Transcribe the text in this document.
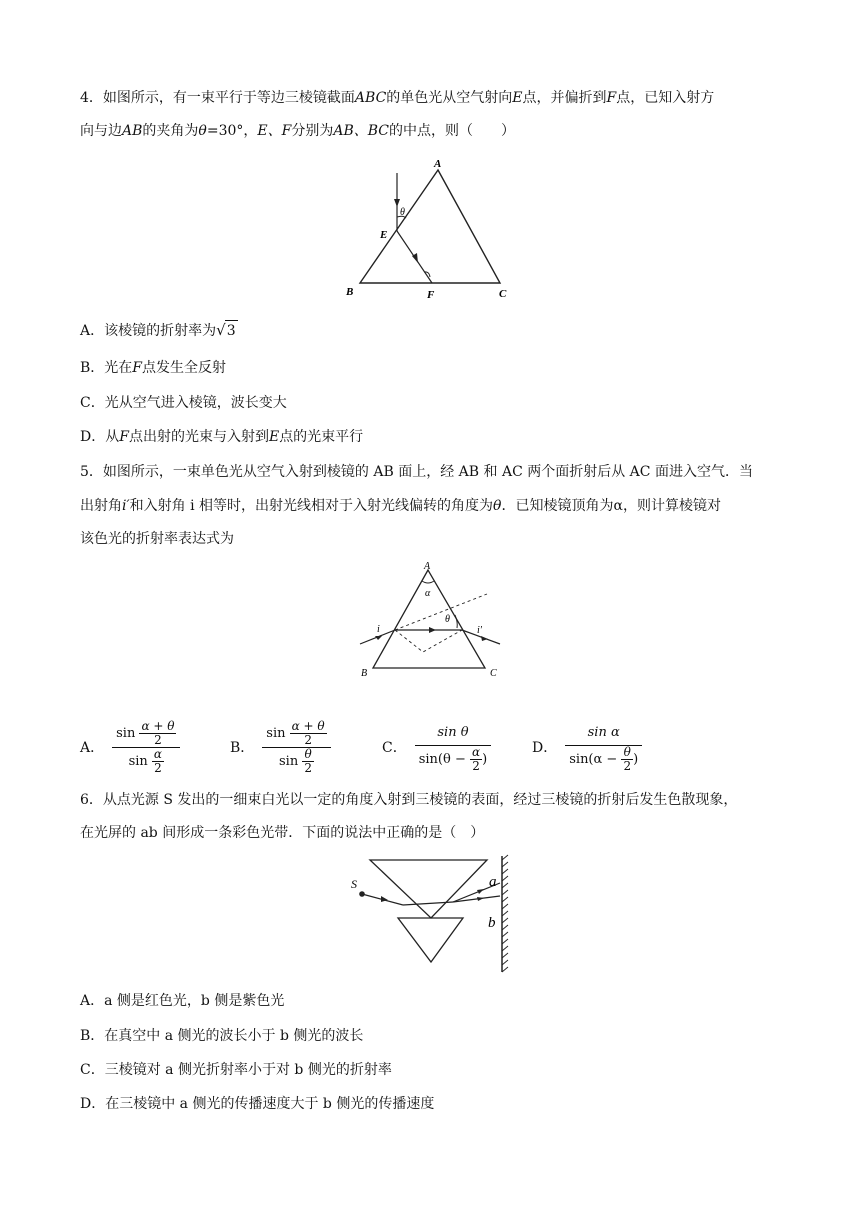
4．如图所示，有一束平行于等边三棱镜截面ABC的单色光从空气射向E点，并偏折到F点，已知入射方
向与边AB的夹角为θ=30°，E、F分别为AB、BC的中点，则（　　）
A
B	C
E
F
θ
A．该棱镜的折射率为√3
B．光在F点发生全反射
C．光从空气进入棱镜，波长变大
D．从F点出射的光束与入射到E点的光束平行
5．如图所示，一束单色光从空气入射到棱镜的 AB 面上，经 AB 和 AC 两个面折射后从 AC 面进入空气．当
出射角i′和入射角 i 相等时，出射光线相对于入射光线偏转的角度为θ．已知棱镜顶角为α，则计算棱镜对
该色光的折射率表达式为
A
α
B	C
i	i′
θ
A． $\frac{\sin \frac{\alpha + \theta}{2}}{\sin \frac{\alpha}{2}}$	B． $\frac{\sin \frac{\alpha + \theta}{2}}{\sin \frac{\theta}{2}}$	C． $\frac{\text{sin θ}}{\sin(\theta - \frac{\alpha}{2} )}$	D． $\frac{\text{sin α}}{\sin(\alpha - \frac{\theta}{2} )}$
6．从点光源 S 发出的一细束白光以一定的角度入射到三棱镜的表面，经过三棱镜的折射后发生色散现象，
在光屏的 ab 间形成一条彩色光带．下面的说法中正确的是（　）
S	a
b
A．a 侧是红色光，b 侧是紫色光
B．在真空中 a 侧光的波长小于 b 侧光的波长
C．三棱镜对 a 侧光折射率小于对 b 侧光的折射率
D．在三棱镜中 a 侧光的传播速度大于 b 侧光的传播速度
